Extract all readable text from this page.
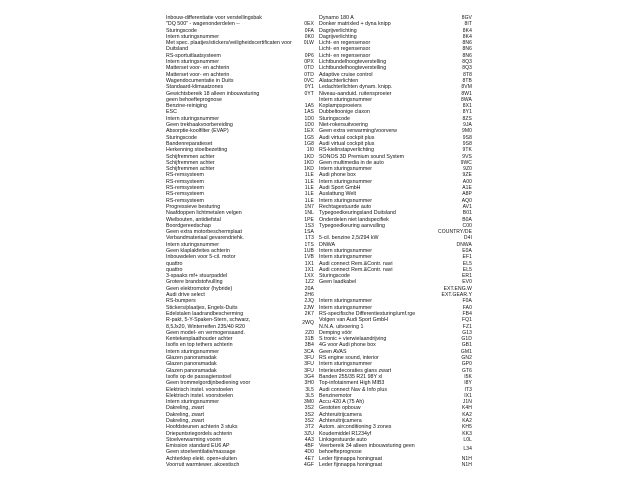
Inbouw-differentiatie voor verstellingsbak
"DQ 500" - wagenonderdelen --	0EX
Sturingscode	0FA
Intern sturingsnummer	0K0
Met spec. plaatjes/stickers/veiligheidscertificaten voor 0LW
Duitsland
RS-sportuitlaatsysteem	0P6
Intern sturingsnummer	0PX
Matterset voor- en achterin	0TD
Matterset voor- en achterin	0TD
Wagendocumentatie in Duits	0VC
Standaard-klimaatzones	0Y1
Gewichtsbereik 18 alleen inbouwsturing	0YT
geen behoefteprognose
Benzine-reiniging	1A5
ESC	1AS
Intern sturingsnummer	1D0
Geen trekhaakvoorbereiding	1D0
Absorptie-koolfilter (EVAP)	1EX
Sturingscode	1G5
Bandenreparatieset	1G8
Herkenning stoelbezetting	1I0
Schijfremmen achter	1KD
Schijfremmen achter	1KD
Schijfremmen achter	1KD
RS-remsysteem	1LE
RS-remsysteem	1LE
RS-remsysteem	1LE
RS-remsysteem	1LE
RS-remsysteem	1LE
Progressieve besturing	1N7
Naafdoppen lichtmetalen velgen	1NL
Wielbouten, antidiefstal	1PE
Boordgereedschap	1S3
Geen extra motorbeschermplaat	1SA
Verbandmateriaal gevarendriehk.	1T3
Intern sturingsnummer	1TS
Geen klaplakfeites achterin	1UB
Inbouwdelen voor 5-cil. motor	1VB
quattro	1X1
quattro	1X1
3-spaaks mf+ stuurpaddel	1XX
Grotere brandstofvulling	1Z2
Geen elektromotor (hybride)	20A
Audi drive select	2H6
RS-bumpers	2JQ
Stickers/plaatjes, Engels-Duits	2JW
Edelstalen laadrandbescherming	2K7
R-pakt, 5-Y-Spaken-Stern, schwarz,
8,5Jx20, Winterreifen 235/40 R20
2WQ
Geen model- en vermogensaand.	2Z0
Kentekenplaathouder achter	31B
Isofix en top tethers achterin	3B4
Intern sturingsnummer	3CA
Glazen panoramadak	3FU
Glazen panoramadak	3FU
Glazen panoramadak	3FU
Isofix op de passagiersstoel	3G4
Geen trommelgordijnbediening voor	3H0
Elektrisch instel. voorstoelen	3L5
Elektrisch instel. voorstoelen	3L5
Intern sturingsnummer	3M0
Dakreling, zwart	3S2
Dakreling, zwart	3S2
Dakreling, zwart	3S2
Hoofdsteunen achterin 3 stuks	3T2
Driepuntsriegordels achterin	3ZU
Stoelverwarming voorin	4A3
Emission standard EU6 AP	4BF
Geen stoelventilatie/massage	4D0
Achterklep elekt. open+sluiten	4E7
Voorruit warmtewer. akoestisch	4GF
Dynamo 180 A	8GV
Donker matrixled + dyna knipp	8IT
Dagrijverlichting	8K4
Dagrijverlichting	8K4
Licht- en regensensor	8N6
Licht- en regensensor	8N6
Licht- en regensensor	8N6
Lichtbundelhoogteverstelling	8Q3
Lichtbundelhoogteverstelling	8Q3
Adaptive cruise control	8T8
Alatachterlichten	8TB
Ledachterlichten dynam. knipp.	8VM
Niveau-aanduid. ruitensproeier	8W1
Intern sturingsnummer	8WA
Koplampsproeiers	8X1
Dubbeltoonige claxon	8Y1
Sturingscode	8ZS
Niet-rokersuitvoering	9JA
Geen extra verwarming/voorverw	9M0
Audi virtual cockpit plus	9S8
Audi virtual cockpit plus	9S8
RS-kielinstapverlichting	9TK
SONOS 3D Premium sound System	9VS
Geen multimedia in de auto	9WC
Intern sturingsnummer	9Z0
Audi phone box	9ZE
Intern sturingsnummer	A00
Audi Sport GmbH	A1E
Auslattung Welt	A8P
Intern sturingsnummer	AQ0
Rechtagestuurde auto	AV1
Typegoedkeuringsland Duitsland	B01
Onderdelen niet landspecifiek	B0A
Typegoedkeuring aanvulling	C00
COUNTRY/DE
5-cil. benzine 2,5/294 kW	D4I
DNWA	DNWA
Intern sturingsnummer	E0A
Intern sturingsnummer	EF1
Audi connect Rem.&Contr. navi	EL5
Audi connect Rem.&Contr. navi	EL5
Sturingscode	ER1
Geen laadkabel	EV0
EXT.ENG.W
EXT.GEAR.Y
Intern sturingsnummer	F0A
Intern sturingsnummer	FA0
RS-specifische Differentiesturing/umf.rge	FB4
Volgen van Audi Sport GmbH	FQ1
N.N.A. uitvoering 1	FZ1
Demping vóór	G13
S tronic + vierwielaandrijving	G1D
4G voor Audi phone box	GB1
Geen AVAS	GM1
RS engine sound, interior	GN2
Intern sturingsnummer	GP0
Interieurdecoraties glans zwart	GT6
Banden 255/35 R21 98Y xl	I5K
Top-infotainment High MIB3	I8Y
Audi connect Nav & Info plus	IT3
Benzinemotor	IX1
Accu 420 A (75 Ah)	J1N
Gestoten opbouw	K4H
Achteruitrijcamera	KA2
Achteruitrijcamera	KA2
Autom. airconditioning 3 zones	KH5
Koudemiddel R1234yf	KK3
Linksgestuurde auto	L0L
Veerbereik 34 alleen inbouwsturing geen
behoefteprognose
L34
Leder fijnnappa honingraat	N1H
Leder fijnnappa honingraat	N1H
